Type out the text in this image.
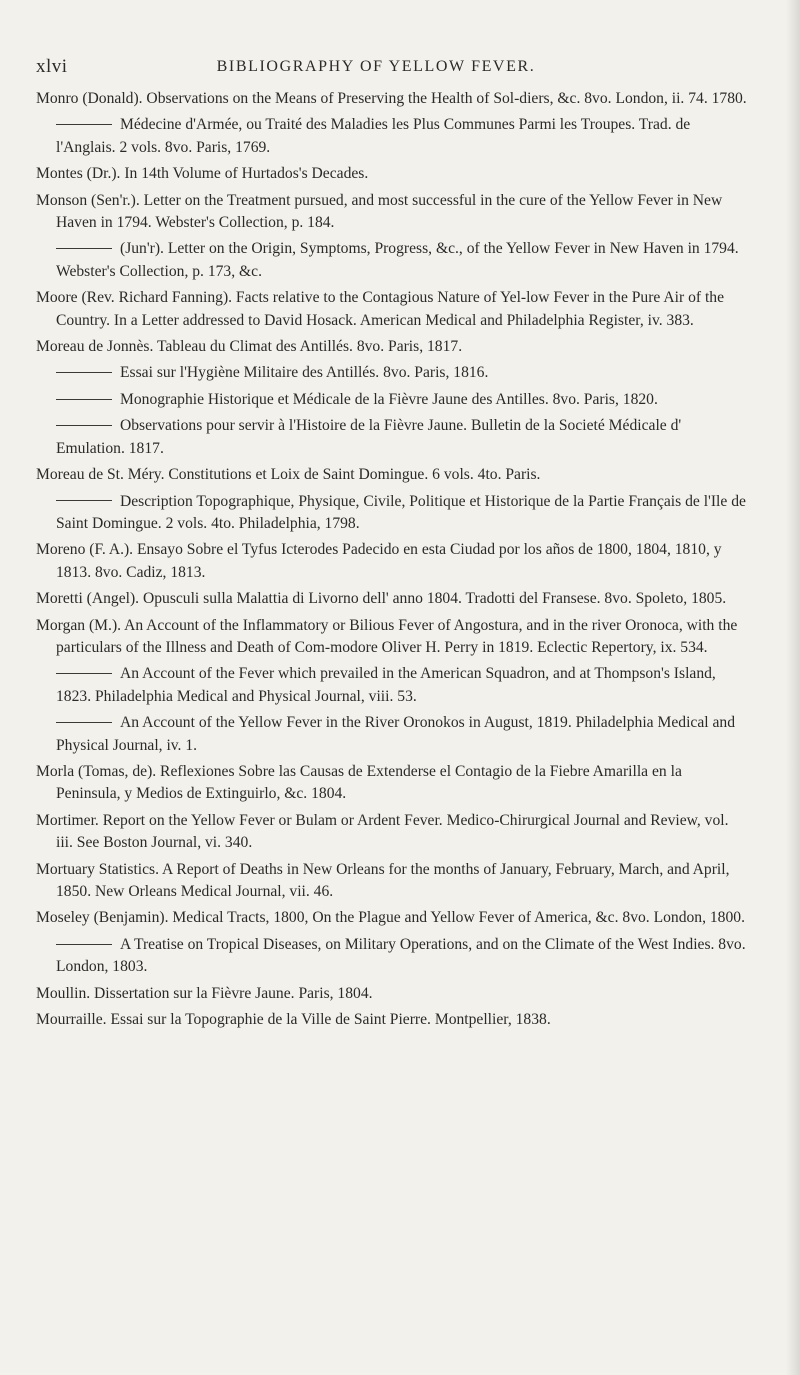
xlvi	BIBLIOGRAPHY OF YELLOW FEVER.

Monro (Donald). Observations on the Means of Preserving the Health of Sol-diers, &c. 8vo. London, ii. 74. 1780.

Médecine d'Armée, ou Traité des Maladies les Plus Communes Parmi les Troupes. Trad. de l'Anglais. 2 vols. 8vo. Paris, 1769.

Montes (Dr.). In 14th Volume of Hurtados's Decades.

Monson (Sen'r.). Letter on the Treatment pursued, and most successful in the cure of the Yellow Fever in New Haven in 1794. Webster's Collection, p. 184.

(Jun'r). Letter on the Origin, Symptoms, Progress, &c., of the Yellow Fever in New Haven in 1794. Webster's Collection, p. 173, &c.

Moore (Rev. Richard Fanning). Facts relative to the Contagious Nature of Yel-low Fever in the Pure Air of the Country. In a Letter addressed to David Hosack. American Medical and Philadelphia Register, iv. 383.

Moreau de Jonnès. Tableau du Climat des Antillés. 8vo. Paris, 1817.

Essai sur l'Hygiène Militaire des Antillés. 8vo. Paris, 1816.

Monographie Historique et Médicale de la Fièvre Jaune des Antilles. 8vo. Paris, 1820.

Observations pour servir à l'Histoire de la Fièvre Jaune. Bulletin de la Societé Médicale d' Emulation. 1817.

Moreau de St. Méry. Constitutions et Loix de Saint Domingue. 6 vols. 4to. Paris.

Description Topographique, Physique, Civile, Politique et Historique de la Partie Français de l'Ile de Saint Domingue. 2 vols. 4to. Philadelphia, 1798.

Moreno (F. A.). Ensayo Sobre el Tyfus Icterodes Padecido en esta Ciudad por los años de 1800, 1804, 1810, y 1813. 8vo. Cadiz, 1813.

Moretti (Angel). Opusculi sulla Malattia di Livorno dell' anno 1804. Tradotti del Fransese. 8vo. Spoleto, 1805.

Morgan (M.). An Account of the Inflammatory or Bilious Fever of Angostura, and in the river Oronoca, with the particulars of the Illness and Death of Com-modore Oliver H. Perry in 1819. Eclectic Repertory, ix. 534.

An Account of the Fever which prevailed in the American Squadron, and at Thompson's Island, 1823. Philadelphia Medical and Physical Journal, viii. 53.

An Account of the Yellow Fever in the River Oronokos in August, 1819. Philadelphia Medical and Physical Journal, iv. 1.

Morla (Tomas, de). Reflexiones Sobre las Causas de Extenderse el Contagio de la Fiebre Amarilla en la Peninsula, y Medios de Extinguirlo, &c. 1804.

Mortimer. Report on the Yellow Fever or Bulam or Ardent Fever. Medico-Chirurgical Journal and Review, vol. iii. See Boston Journal, vi. 340.

Mortuary Statistics. A Report of Deaths in New Orleans for the months of January, February, March, and April, 1850. New Orleans Medical Journal, vii. 46.

Moseley (Benjamin). Medical Tracts, 1800, On the Plague and Yellow Fever of America, &c. 8vo. London, 1800.

A Treatise on Tropical Diseases, on Military Operations, and on the Climate of the West Indies. 8vo. London, 1803.

Moullin. Dissertation sur la Fièvre Jaune. Paris, 1804.

Mourraille. Essai sur la Topographie de la Ville de Saint Pierre. Montpellier, 1838.
